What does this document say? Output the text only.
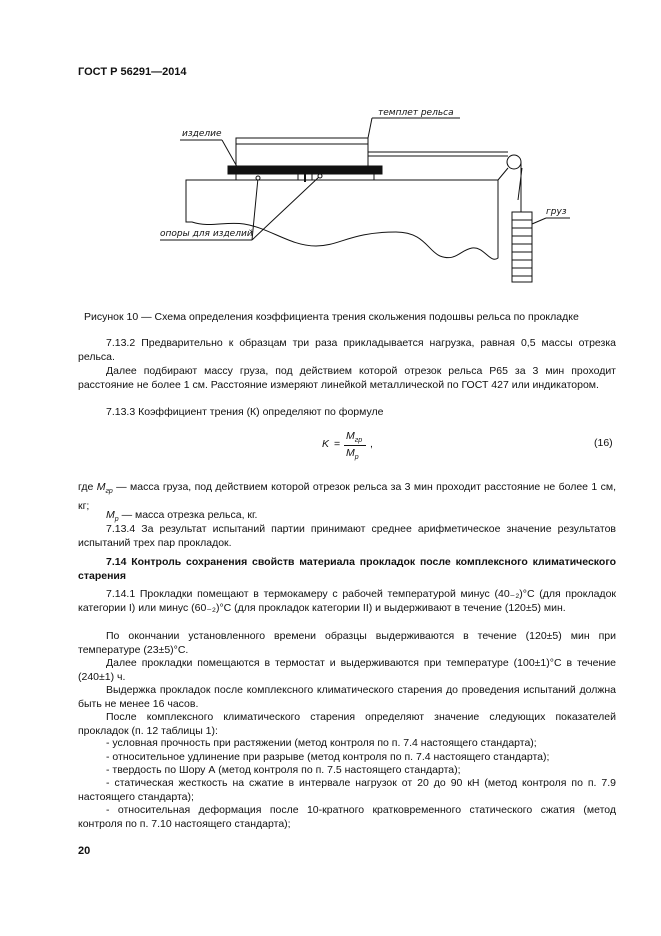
ГОСТ Р 56291—2014
темплет рельса
изделие
опоры для изделий
груз
Рисунок 10 — Схема определения коэффициента трения скольжения подошвы рельса по прокладке
7.13.2 Предварительно к образцам три раза прикладывается нагрузка, равная 0,5 массы отрезка рельса.
Далее подбирают массу груза, под действием которой отрезок рельса Р65 за 3 мин проходит расстояние не более 1 см. Расстояние измеряют линейкой металлической по ГОСТ 427 или индикатором.
7.13.3 Коэффициент трения (К) определяют по формуле
K =
$M_{гр}$
$M_р$
,	(16)
где $M_{гр}$ — масса груза, под действием которой отрезок рельса за 3 мин проходит расстояние не более 1 см, кг;
$M_р$ — масса отрезка рельса, кг.
7.13.4 За результат испытаний партии принимают среднее арифметическое значение результатов испытаний трех пар прокладок.
7.14 Контроль сохранения свойств материала прокладок после комплексного климатического старения
7.14.1 Прокладки помещают в термокамеру с рабочей температурой минус (40₋₂)°С (для прокладок категории I) или минус (60₋₂)°С (для прокладок категории II) и выдерживают в течение (120±5) мин.
По окончании установленного времени образцы выдерживаются в течение (120±5) мин при температуре (23±5)°С.
Далее прокладки помещаются в термостат и выдерживаются при температуре (100±1)°С в течение (240±1) ч.
Выдержка прокладок после комплексного климатического старения до проведения испытаний должна быть не менее 16 часов.
После комплексного климатического старения определяют значение следующих показателей прокладок (п. 12 таблицы 1):
- условная прочность при растяжении (метод контроля по п. 7.4 настоящего стандарта);
- относительное удлинение при разрыве (метод контроля по п. 7.4 настоящего стандарта);
- твердость по Шору А (метод контроля по п. 7.5 настоящего стандарта);
- статическая жесткость на сжатие в интервале нагрузок от 20 до 90 кН (метод контроля по п. 7.9 настоящего стандарта);
- относительная деформация после 10-кратного кратковременного статического сжатия (метод контроля по п. 7.10 настоящего стандарта);
20
